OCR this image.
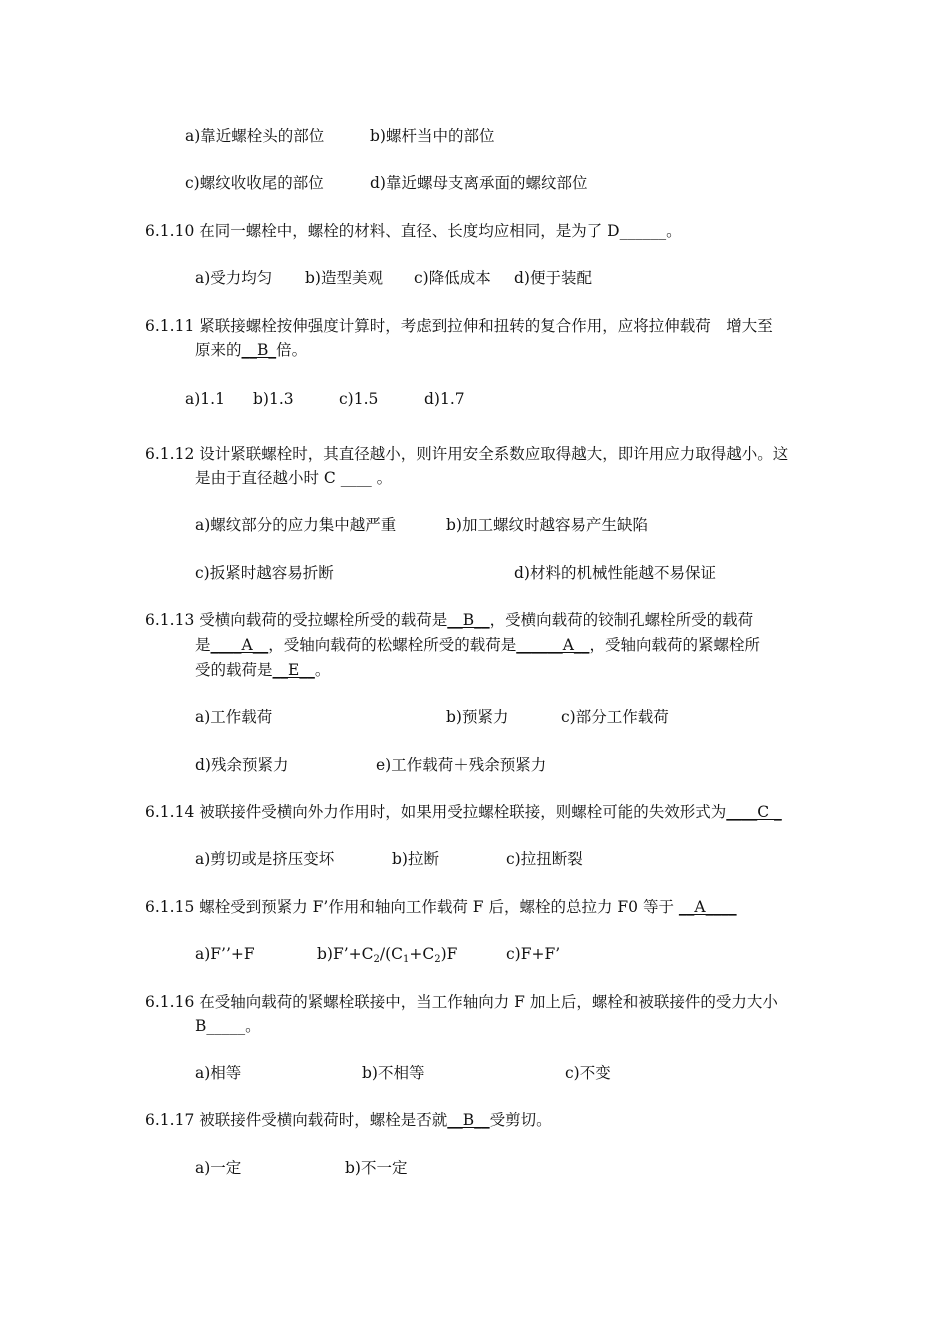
a)靠近螺栓头的部位	b)螺杆当中的部位
c)螺纹收收尾的部位	d)靠近螺母支离承面的螺纹部位
6.1.10 在同一螺栓中，螺栓的材料、直径、长度均应相同，是为了 D______。
a)受力均匀 b)造型美观 c)降低成本 d)便于装配
6.1.11 紧联接螺栓按伸强度计算时，考虑到拉伸和扭转的复合作用，应将拉伸载荷　增大至
原来的__B_倍。
a)1.1 b)1.3	c)1.5	d)1.7
6.1.12 设计紧联螺栓时，其直径越小，则许用安全系数应取得越大，即许用应力取得越小。这
是由于直径越小时 C ____ 。
a)螺纹部分的应力集中越严重	b)加工螺纹时越容易产生缺陷
c)扳紧时越容易折断	d)材料的机械性能越不易保证
6.1.13 受横向载荷的受拉螺栓所受的载荷是__B__，受横向载荷的铰制孔螺栓所受的载荷
是____A__，受轴向载荷的松螺栓所受的载荷是______A__，受轴向载荷的紧螺栓所
受的载荷是__E__。
a)工作载荷	b)预紧力	c)部分工作载荷
d)残余预紧力	e)工作载荷＋残余预紧力
6.1.14 被联接件受横向外力作用时，如果用受拉螺栓联接，则螺栓可能的失效形式为____C _
a)剪切或是挤压变坏	b)拉断	c)拉扭断裂
6.1.15 螺栓受到预紧力 F’作用和轴向工作载荷 F 后，螺栓的总拉力 F0 等于 __A____
a)F’’+F	$b)F’+C_2/(C_1+C_2)F$	c)F+F’
6.1.16 在受轴向载荷的紧螺栓联接中，当工作轴向力 F 加上后，螺栓和被联接件的受力大小
B_____。
a)相等	b)不相等	c)不变
6.1.17 被联接件受横向载荷时，螺栓是否就__B__受剪切。
a)一定	b)不一定
